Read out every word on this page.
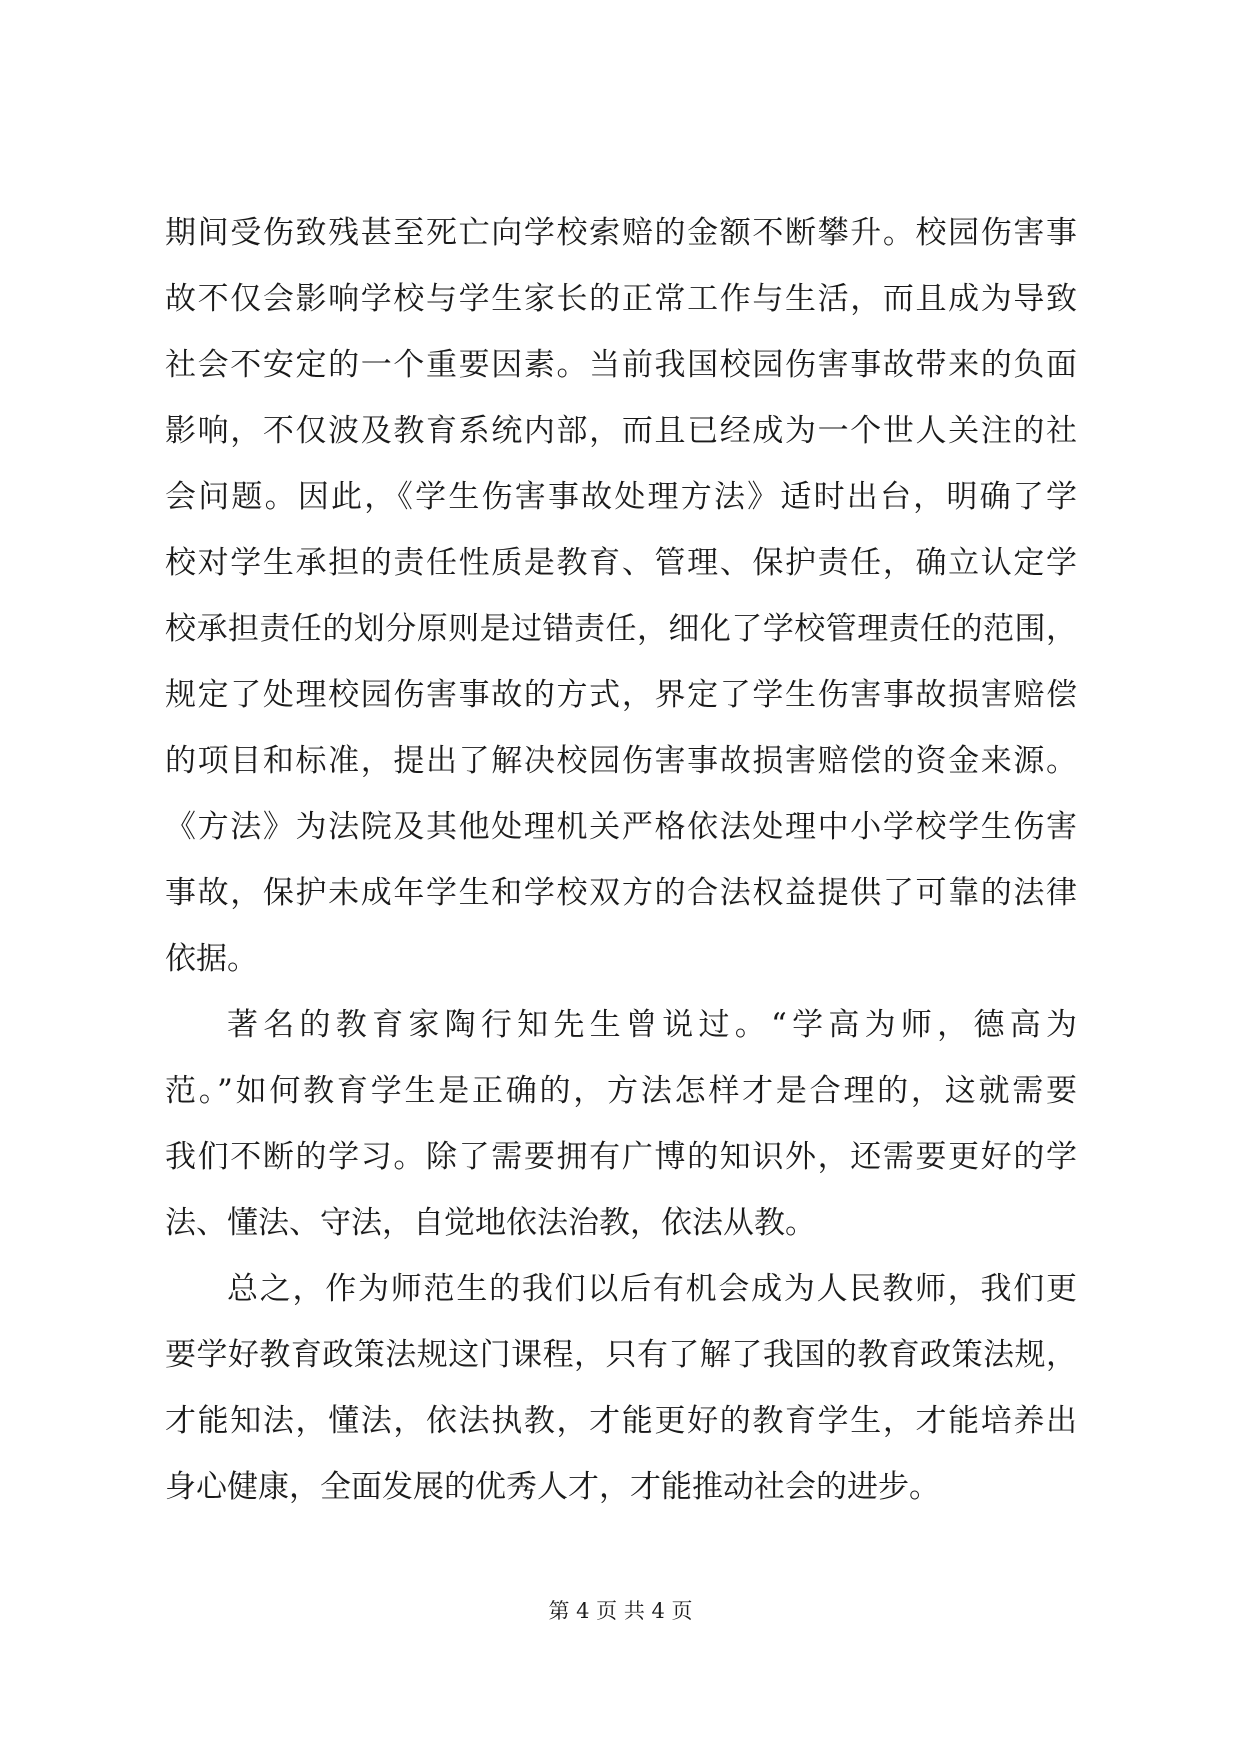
期间受伤致残甚至死亡向学校索赔的金额不断攀升。校园伤害事
故不仅会影响学校与学生家长的正常工作与生活，而且成为导致
社会不安定的一个重要因素。当前我国校园伤害事故带来的负面
影响，不仅波及教育系统内部，而且已经成为一个世人关注的社
会问题。因此，《学生伤害事故处理方法》适时出台，明确了学
校对学生承担的责任性质是教育、管理、保护责任，确立认定学
校承担责任的划分原则是过错责任，细化了学校管理责任的范围，
规定了处理校园伤害事故的方式，界定了学生伤害事故损害赔偿
的项目和标准，提出了解决校园伤害事故损害赔偿的资金来源。
《方法》为法院及其他处理机关严格依法处理中小学校学生伤害
事故，保护未成年学生和学校双方的合法权益提供了可靠的法律
依据。
著名的教育家陶行知先生曾说过。“学高为师，德高为
范。”如何教育学生是正确的，方法怎样才是合理的，这就需要
我们不断的学习。除了需要拥有广博的知识外，还需要更好的学
法、懂法、守法，自觉地依法治教，依法从教。
总之，作为师范生的我们以后有机会成为人民教师，我们更
要学好教育政策法规这门课程，只有了解了我国的教育政策法规，
才能知法，懂法，依法执教，才能更好的教育学生，才能培养出
身心健康，全面发展的优秀人才，才能推动社会的进步。
第 4 页 共 4 页
